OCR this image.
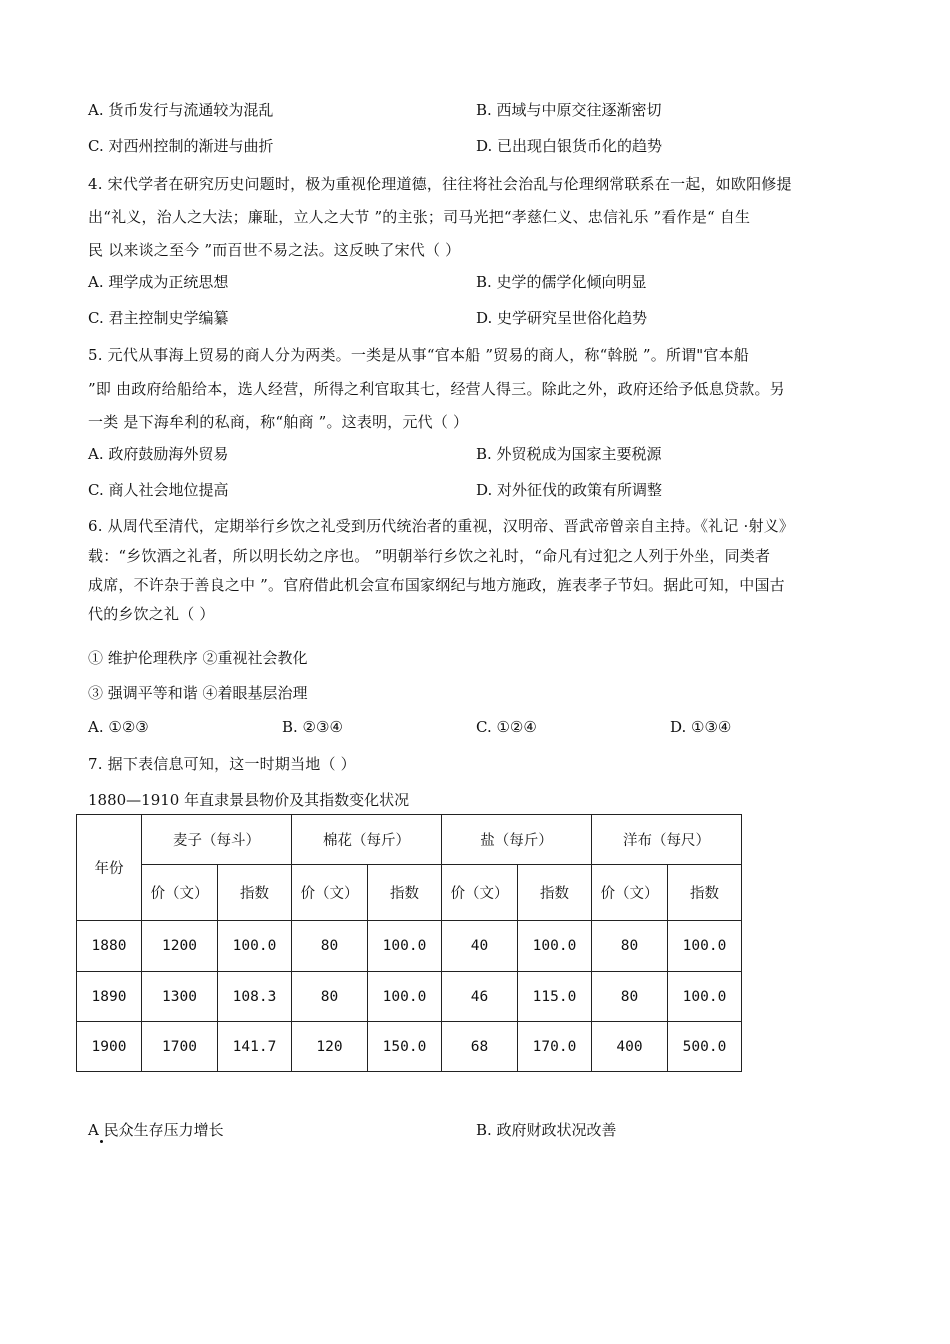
A. 货币发行与流通较为混乱	B. 西域与中原交往逐渐密切
C. 对西州控制的渐进与曲折	D. 已出现白银货币化的趋势
4. 宋代学者在研究历史问题时，极为重视伦理道德，往往将社会治乱与伦理纲常联系在一起，如欧阳修提
出“礼义，治人之大法；廉耻，立人之大节 ”的主张；司马光把“孝慈仁义、忠信礼乐 ”看作是“ 自生
民 以来谈之至今 ”而百世不易之法。这反映了宋代（ ）
A. 理学成为正统思想	B. 史学的儒学化倾向明显
C. 君主控制史学编纂	D. 史学研究呈世俗化趋势
5. 元代从事海上贸易的商人分为两类。一类是从事“官本船 ”贸易的商人，称“斡脱 ”。所谓"官本船
”即 由政府给船给本，选人经营，所得之利官取其七，经营人得三。除此之外，政府还给予低息贷款。另
一类 是下海牟利的私商，称“舶商 ”。这表明，元代（ ）
A. 政府鼓励海外贸易	B. 外贸税成为国家主要税源
C. 商人社会地位提高	D. 对外征伐的政策有所调整
6. 从周代至清代，定期举行乡饮之礼受到历代统治者的重视，汉明帝、晋武帝曾亲自主持。《礼记 ·射义》
载：“乡饮酒之礼者，所以明长幼之序也。 ”明朝举行乡饮之礼时，“命凡有过犯之人列于外坐，同类者
成席，不许杂于善良之中 ”。官府借此机会宣布国家纲纪与地方施政，旌表孝子节妇。据此可知，中国古
代的乡饮之礼（ ）
① 维护伦理秩序 ②重视社会教化
③ 强调平等和谐 ④着眼基层治理
A. ①②③	B. ②③④	C. ①②④	D. ①③④
7. 据下表信息可知，这一时期当地（ ）
1880—1910 年直隶景县物价及其指数变化状况
年份	麦子（每斗）		棉花（每斤）		盐（每斤）		洋布（每尺）	
	价（文）	指数	价（文）	指数	价（文）	指数	价（文）	指数
1880	1200	100.0	80	100.0	40	100.0	80	100.0
1890	1300	108.3	80	100.0	46	115.0	80	100.0
1900	1700	141.7	120	150.0	68	170.0	400	500.0
A 民众生存压力增长	B. 政府财政状况改善
